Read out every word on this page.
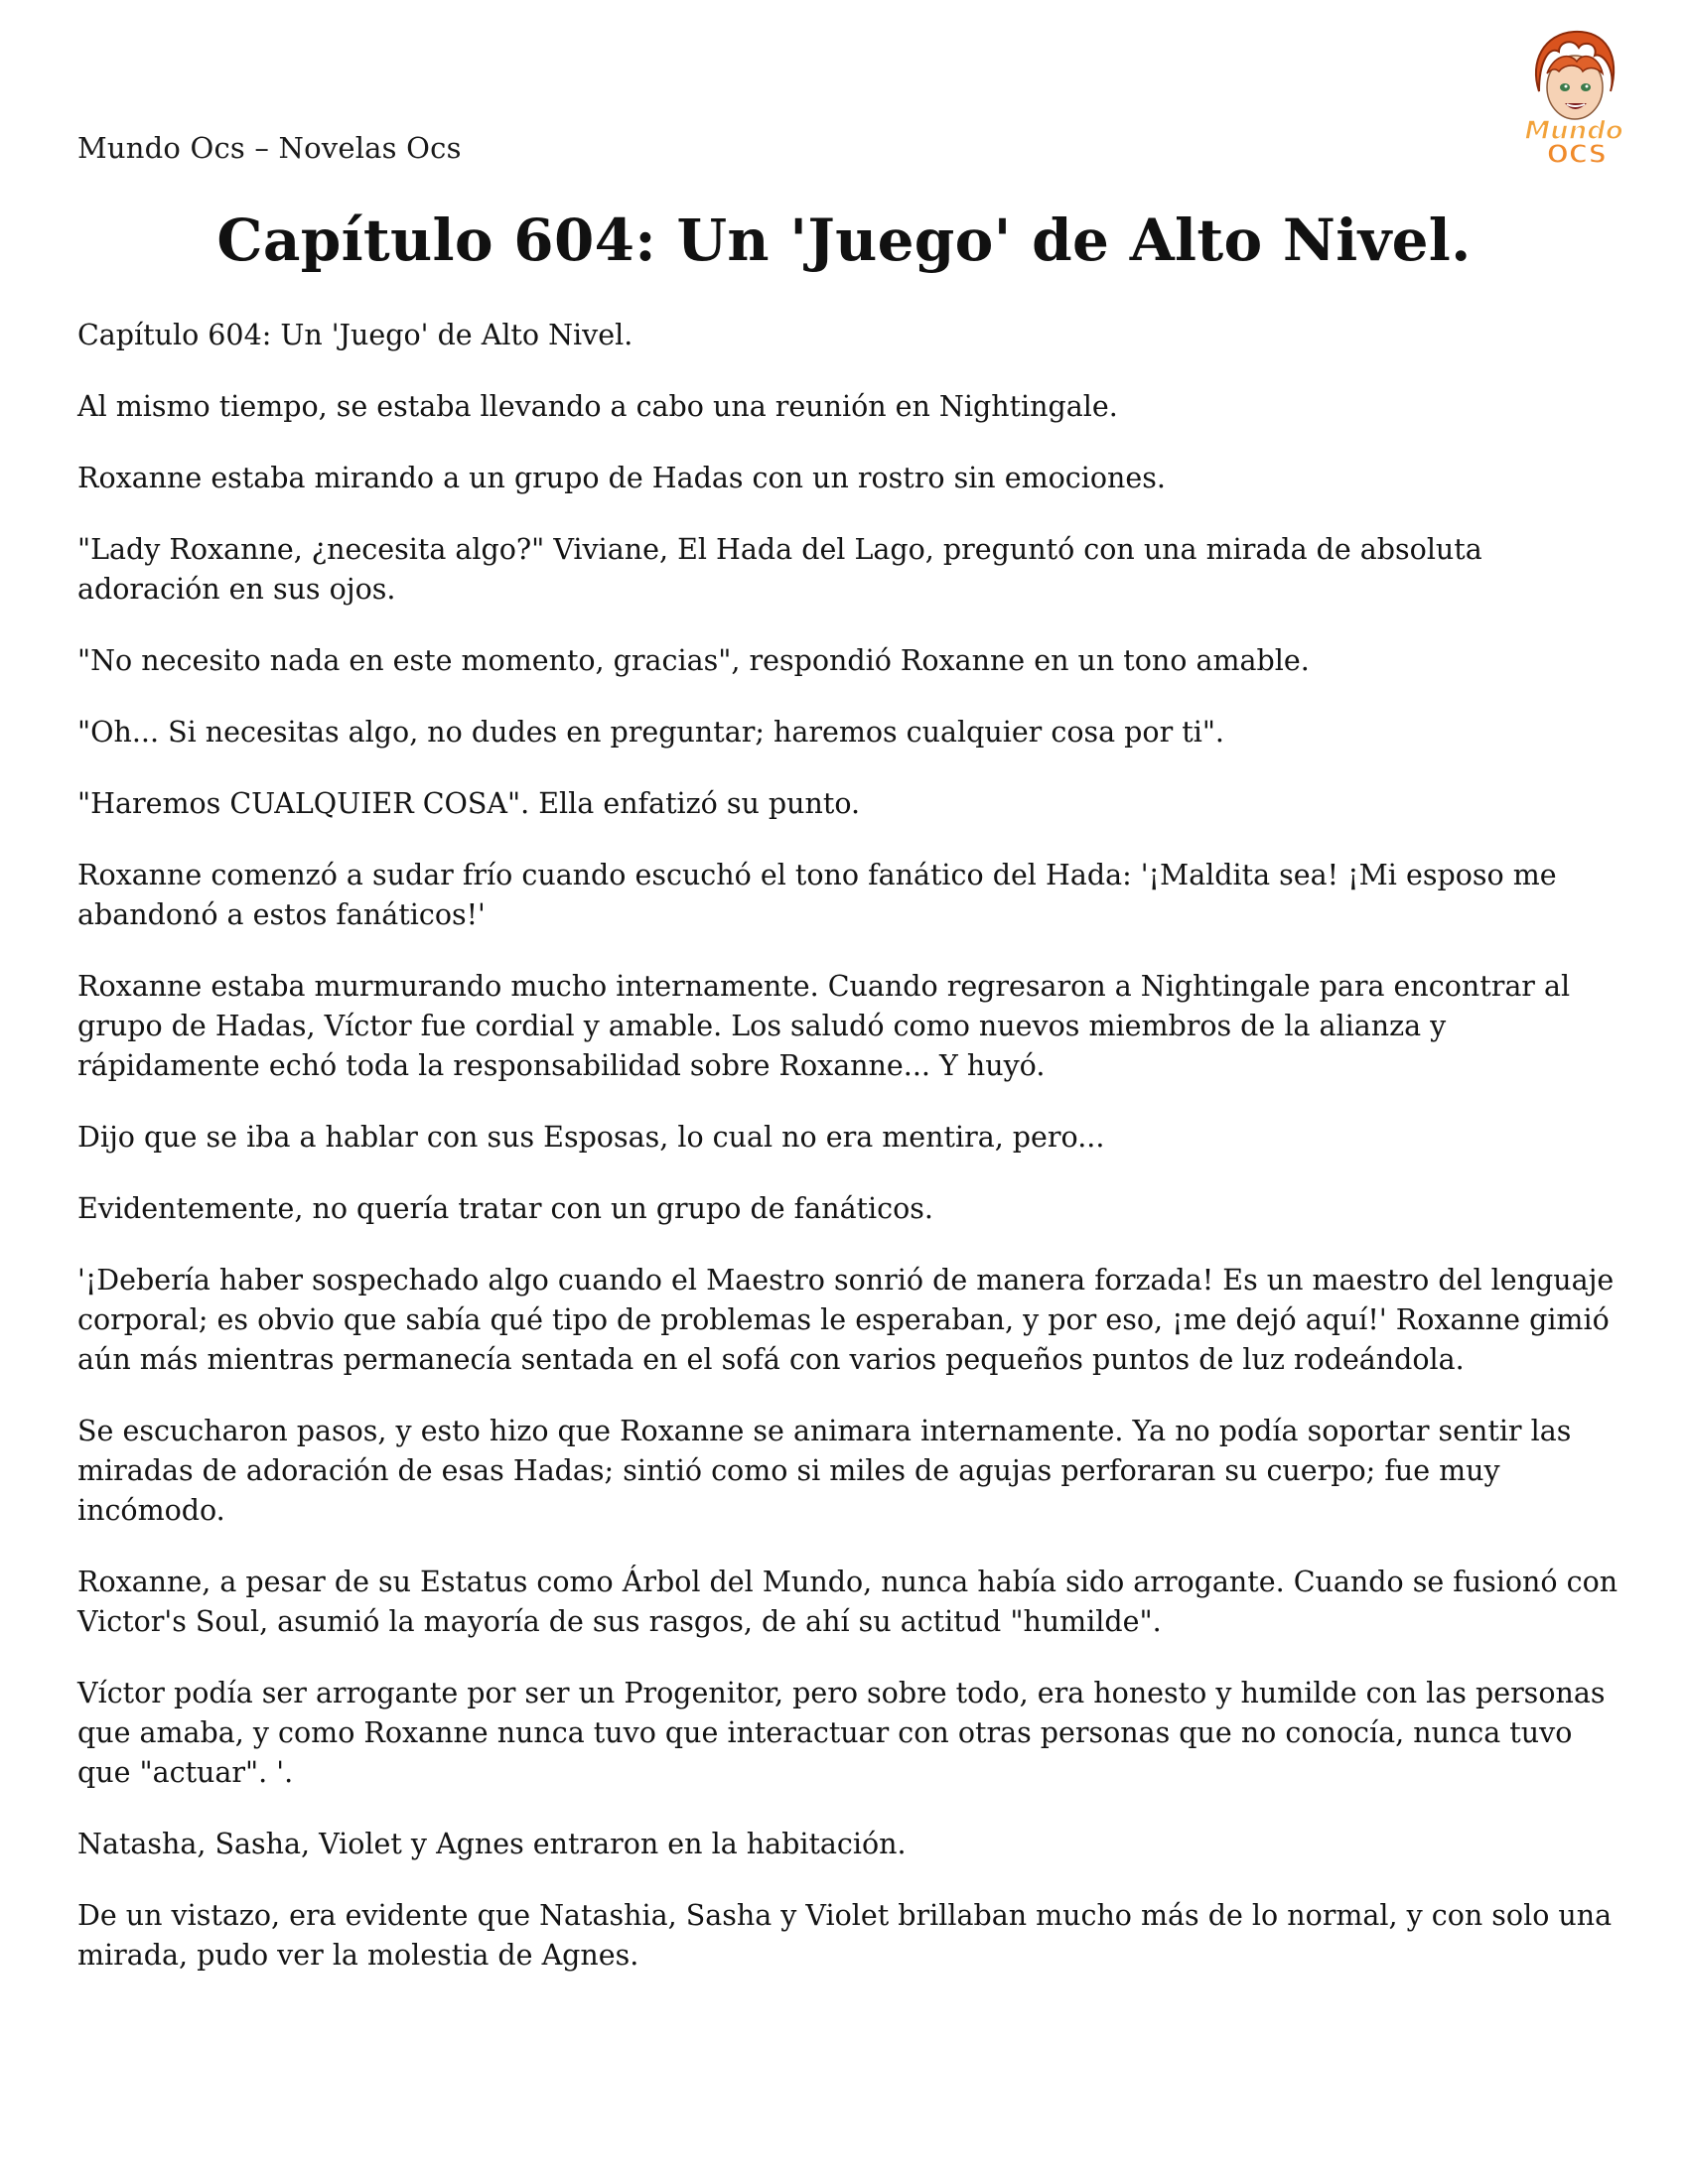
Mundo Ocs – Novelas Ocs	Mundo
OCS
Capítulo 604: Un 'Juego' de Alto Nivel.

Capítulo 604: Un 'Juego' de Alto Nivel.

Al mismo tiempo, se estaba llevando a cabo una reunión en Nightingale.

Roxanne estaba mirando a un grupo de Hadas con un rostro sin emociones.

"Lady Roxanne, ¿necesita algo?" Viviane, El Hada del Lago, preguntó con una mirada de absoluta adoración en sus ojos.

"No necesito nada en este momento, gracias", respondió Roxanne en un tono amable.

"Oh... Si necesitas algo, no dudes en preguntar; haremos cualquier cosa por ti".

"Haremos CUALQUIER COSA". Ella enfatizó su punto.

Roxanne comenzó a sudar frío cuando escuchó el tono fanático del Hada: '¡Maldita sea! ¡Mi esposo me abandonó a estos fanáticos!'

Roxanne estaba murmurando mucho internamente. Cuando regresaron a Nightingale para encontrar al grupo de Hadas, Víctor fue cordial y amable. Los saludó como nuevos miembros de la alianza y rápidamente echó toda la responsabilidad sobre Roxanne... Y huyó.

Dijo que se iba a hablar con sus Esposas, lo cual no era mentira, pero...

Evidentemente, no quería tratar con un grupo de fanáticos.

'¡Debería haber sospechado algo cuando el Maestro sonrió de manera forzada! Es un maestro del lenguaje corporal; es obvio que sabía qué tipo de problemas le esperaban, y por eso, ¡me dejó aquí!' Roxanne gimió aún más mientras permanecía sentada en el sofá con varios pequeños puntos de luz rodeándola.

Se escucharon pasos, y esto hizo que Roxanne se animara internamente. Ya no podía soportar sentir las miradas de adoración de esas Hadas; sintió como si miles de agujas perforaran su cuerpo; fue muy incómodo.

Roxanne, a pesar de su Estatus como Árbol del Mundo, nunca había sido arrogante. Cuando se fusionó con Victor's Soul, asumió la mayoría de sus rasgos, de ahí su actitud "humilde".

Víctor podía ser arrogante por ser un Progenitor, pero sobre todo, era honesto y humilde con las personas que amaba, y como Roxanne nunca tuvo que interactuar con otras personas que no conocía, nunca tuvo que "actuar". '.

Natasha, Sasha, Violet y Agnes entraron en la habitación.

De un vistazo, era evidente que Natashia, Sasha y Violet brillaban mucho más de lo normal, y con solo una mirada, pudo ver la molestia de Agnes.
